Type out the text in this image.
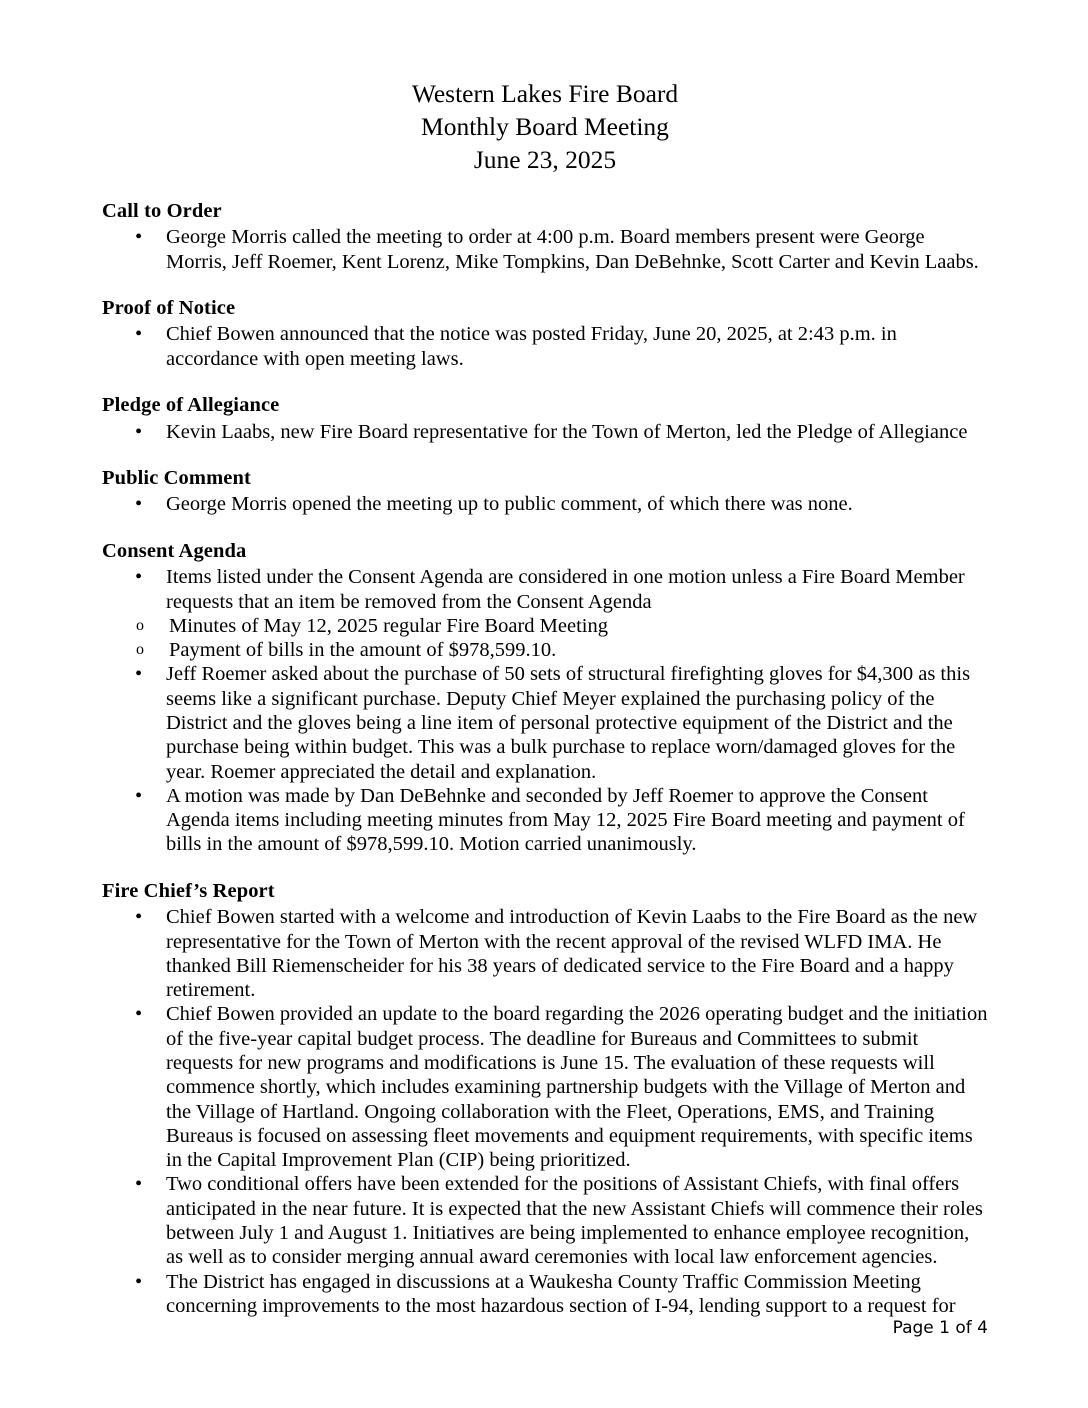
Western Lakes Fire Board
Monthly Board Meeting
June 23, 2025
Call to Order
• George Morris called the meeting to order at 4:00 p.m. Board members present were George Morris, Jeff Roemer, Kent Lorenz, Mike Tompkins, Dan DeBehnke, Scott Carter and Kevin Laabs.
Proof of Notice
• Chief Bowen announced that the notice was posted Friday, June 20, 2025, at 2:43 p.m. in accordance with open meeting laws.
Pledge of Allegiance
• Kevin Laabs, new Fire Board representative for the Town of Merton, led the Pledge of Allegiance
Public Comment
• George Morris opened the meeting up to public comment, of which there was none.
Consent Agenda
• Items listed under the Consent Agenda are considered in one motion unless a Fire Board Member requests that an item be removed from the Consent Agenda
o Minutes of May 12, 2025 regular Fire Board Meeting
o Payment of bills in the amount of $978,599.10.
• Jeff Roemer asked about the purchase of 50 sets of structural firefighting gloves for $4,300 as this seems like a significant purchase. Deputy Chief Meyer explained the purchasing policy of the District and the gloves being a line item of personal protective equipment of the District and the purchase being within budget. This was a bulk purchase to replace worn/damaged gloves for the year. Roemer appreciated the detail and explanation.
• A motion was made by Dan DeBehnke and seconded by Jeff Roemer to approve the Consent Agenda items including meeting minutes from May 12, 2025 Fire Board meeting and payment of bills in the amount of $978,599.10. Motion carried unanimously.
Fire Chief’s Report
• Chief Bowen started with a welcome and introduction of Kevin Laabs to the Fire Board as the new representative for the Town of Merton with the recent approval of the revised WLFD IMA. He thanked Bill Riemenscheider for his 38 years of dedicated service to the Fire Board and a happy retirement.
• Chief Bowen provided an update to the board regarding the 2026 operating budget and the initiation of the five-year capital budget process. The deadline for Bureaus and Committees to submit requests for new programs and modifications is June 15. The evaluation of these requests will commence shortly, which includes examining partnership budgets with the Village of Merton and the Village of Hartland. Ongoing collaboration with the Fleet, Operations, EMS, and Training Bureaus is focused on assessing fleet movements and equipment requirements, with specific items in the Capital Improvement Plan (CIP) being prioritized.
• Two conditional offers have been extended for the positions of Assistant Chiefs, with final offers anticipated in the near future. It is expected that the new Assistant Chiefs will commence their roles between July 1 and August 1. Initiatives are being implemented to enhance employee recognition, as well as to consider merging annual award ceremonies with local law enforcement agencies.
• The District has engaged in discussions at a Waukesha County Traffic Commission Meeting concerning improvements to the most hazardous section of I-94, lending support to a request for
Page 1 of 4
